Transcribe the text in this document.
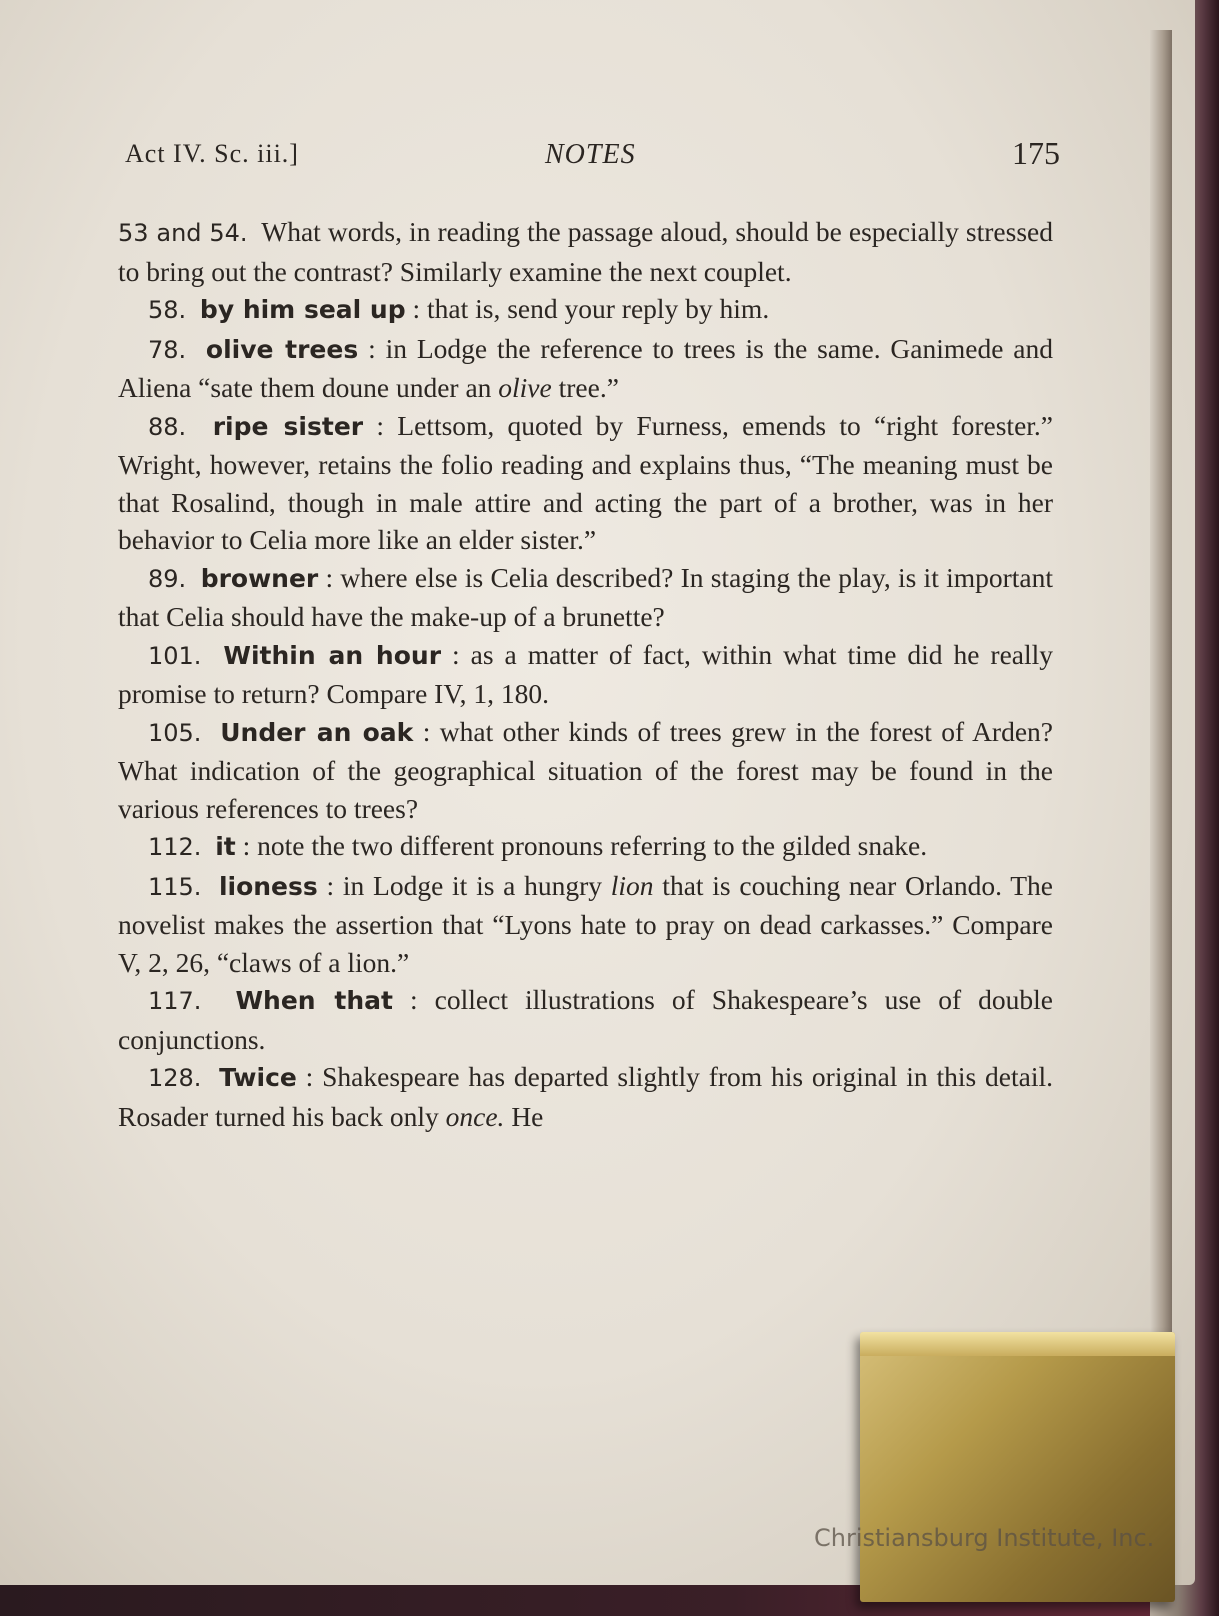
Act IV. Sc. iii.]	NOTES	175

53 and 54. What words, in reading the passage aloud, should be especially stressed to bring out the contrast? Similarly examine the next couplet.

58. by him seal up : that is, send your reply by him.

78. olive trees : in Lodge the reference to trees is the same. Ganimede and Aliena “sate them doune under an olive tree.”

88. ripe sister : Lettsom, quoted by Furness, emends to “right forester.” Wright, however, retains the folio reading and explains thus, “The meaning must be that Rosalind, though in male attire and acting the part of a brother, was in her behavior to Celia more like an elder sister.”

89. browner : where else is Celia described? In staging the play, is it important that Celia should have the make-up of a brunette?

101. Within an hour : as a matter of fact, within what time did he really promise to return? Compare IV, 1, 180.

105. Under an oak : what other kinds of trees grew in the forest of Arden? What indication of the geographical situation of the forest may be found in the various references to trees?

112. it : note the two different pronouns referring to the gilded snake.

115. lioness : in Lodge it is a hungry lion that is couching near Orlando. The novelist makes the assertion that “Lyons hate to pray on dead carkasses.” Compare V, 2, 26, “claws of a lion.”

117. When that : collect illustrations of Shakespeare’s use of double conjunctions.

128. Twice : Shakespeare has departed slightly from his original in this detail. Rosader turned his back only once. He

Christiansburg Institute, Inc.
